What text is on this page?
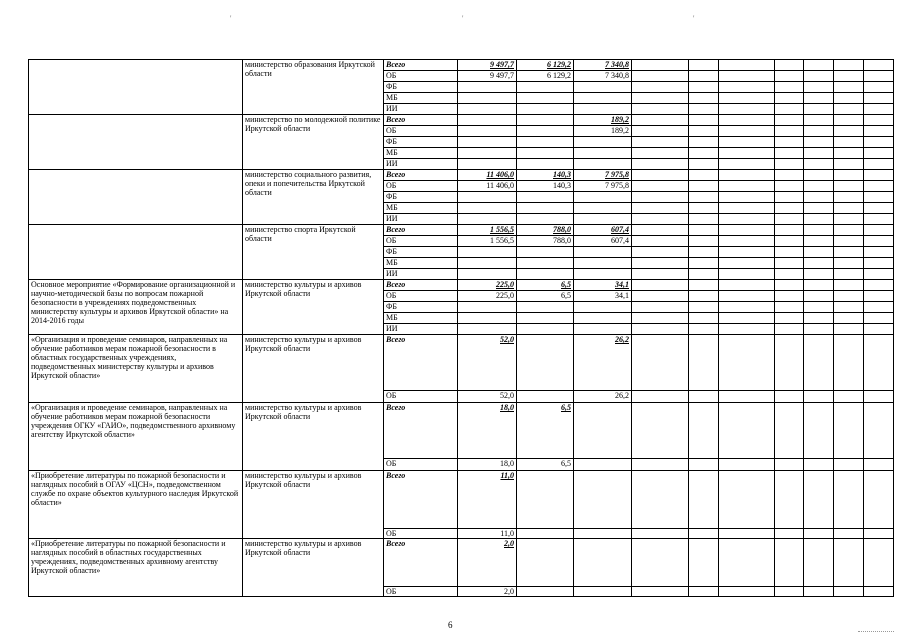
'	'	'
	министерство образования Иркутской области	Всего	9 497,7	6 129,2	7 340,8							
		ОБ	9 497,7	6 129,2	7 340,8							
		ФБ										
		МБ										
		ИИ										
	министерство по молодежной политике Иркутской области	Всего			189,2							
		ОБ			189,2							
		ФБ										
		МБ										
		ИИ										
	министерство социального развития, опеки и попечительства Иркутской области	Всего	11 406,0	140,3	7 975,8							
		ОБ	11 406,0	140,3	7 975,8							
		ФБ										
		МБ										
		ИИ										
	министерство спорта Иркутской области	Всего	1 556,5	788,0	607,4							
		ОБ	1 556,5	788,0	607,4							
		ФБ										
		МБ										
		ИИ										
Основное мероприятие «Формирование организационной и научно-методической базы по вопросам пожарной безопасности в учреждениях подведомственных министерству культуры и архивов Иркутской области» на 2014-2016 годы	министерство культуры и архивов Иркутской области	Всего	225,0	6,5	34,1							
		ОБ	225,0	6,5	34,1							
		ФБ										
		МБ										
		ИИ										
«Организация и проведение семинаров, направленных на обучение работников мерам пожарной безопасности в областных государственных учреждениях, подведомственных министерству культуры и архивов Иркутской области»	министерство культуры и архивов Иркутской области	Всего	52,0		26,2							
		ОБ	52,0		26,2							
«Организация и проведение семинаров, направленных на обучение работников мерам пожарной безопасности учреждения ОГКУ «ГАИО», подведомственного архивному агентству Иркутской области»	министерство культуры и архивов Иркутской области	Всего	18,0	6,5								
		ОБ	18,0	6,5								
«Приобретение литературы по пожарной безопасности и наглядных пособий в ОГАУ «ЦСН», подведомственном службе по охране объектов культурного наследия Иркутской области»	министерство культуры и архивов Иркутской области	Всего	11,0									
		ОБ	11,0									
«Приобретение литературы по пожарной безопасности и наглядных пособий в областных государственных учреждениях, подведомственных архивному агентству Иркутской области»	министерство культуры и архивов Иркутской области	Всего	2,0									
		ОБ	2,0									
6
